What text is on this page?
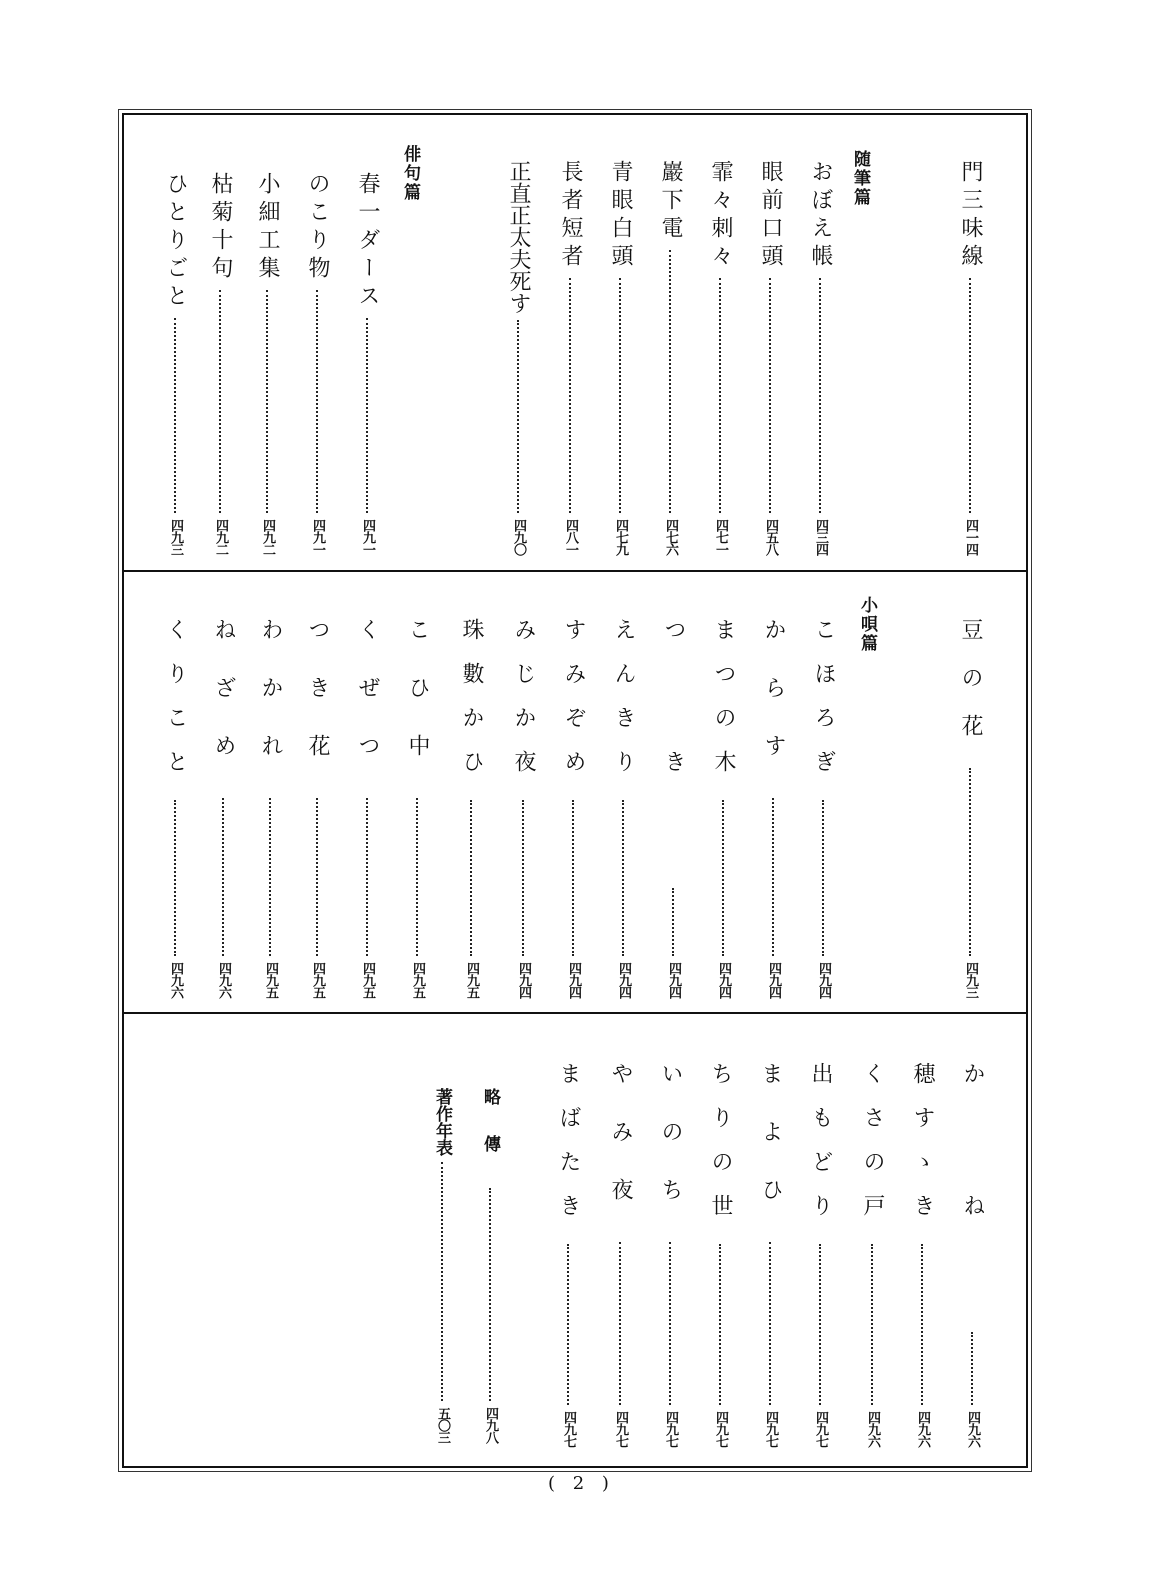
門三味線
四一四
随筆篇
おぼえ帳
四三四
眼前口頭
四五八
霏々刺々
四七一
巖下電
四七六
青眼白頭
四七九
長者短者
四八一
正直正太夫死す
四九〇
俳句篇
春一ダース
四九一
のこり物
四九一
小細工集
四九二
枯菊十句
四九二
ひとりごと
四九三
豆の花
四九三
小唄篇
こほろぎ
四九四
からす
四九四
まつの木
四九四
つき
四九四
えんきり
四九四
すみぞめ
四九四
みじか夜
四九四
珠數かひ
四九五
こひ中
四九五
くぜつ
四九五
つき花
四九五
わかれ
四九五
ねざめ
四九六
くりこと
四九六
かね
四九六
穂すゝき
四九六
くさの戸
四九六
出もどり
四九七
まよひ
四九七
ちりの世
四九七
いのち
四九七
やみ夜
四九七
まばたき
四九七
略傳
四九八
著作年表
五〇三
( 2 )
